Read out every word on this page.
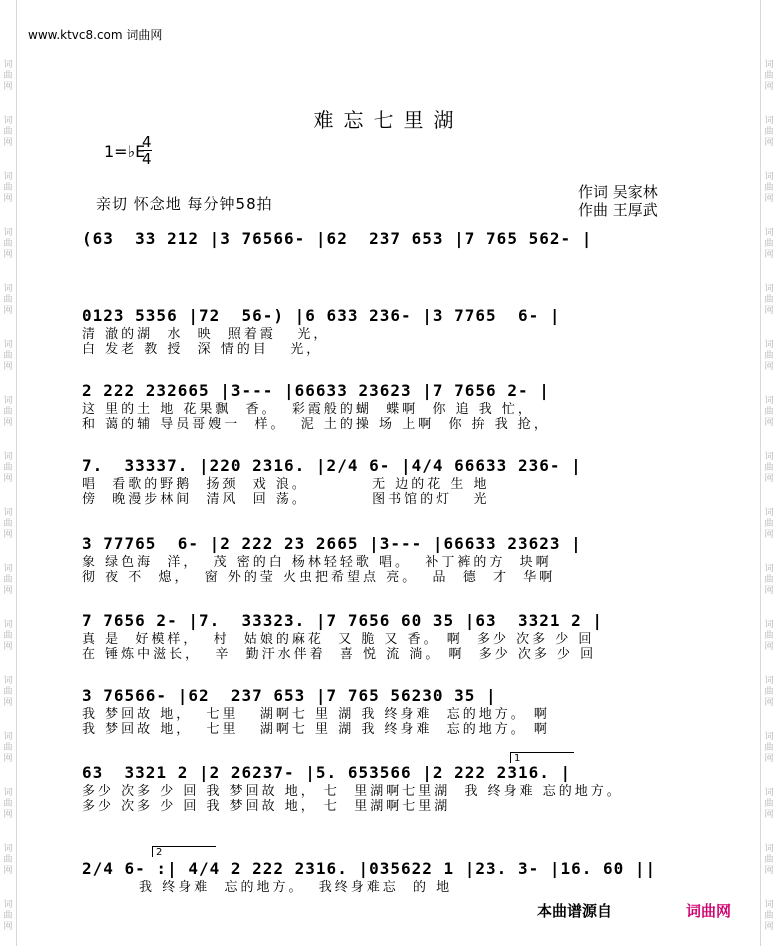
词曲网
词曲网
词曲网
词曲网
词曲网
词曲网
词曲网
词曲网
词曲网
词曲网
词曲网
词曲网
词曲网
词曲网
词曲网
词曲网
词曲网
词曲网
词曲网
词曲网
词曲网
词曲网
词曲网
词曲网
词曲网
词曲网
词曲网
词曲网
词曲网
词曲网
词曲网
词曲网
www.ktvc8.com 词曲网
难忘七里湖
1=♭E
4
4
亲切 怀念地 每分钟58拍
作词 吴家林
作曲 王厚武
(63  33 212 |3 76566- |62  237 653 |7 765 562- |
0123 5356 |72  56-) |6 633 236- |3 7765  6- |
清 澈的湖  水  映  照着霞   光，
白 发老 教 授  深 情的目   光，
2 222 232665 |3--- |66633 23623 |7 7656 2- |
这 里的土 地 花果飘  香。  彩霞般的蝴  蝶啊  你 追 我 忙，
和 蔼的辅 导员哥嫂一  样。  泥 土的操 场 上啊  你 拚 我 抢，
7.  33337. |220 2316. |2/4 6- |4/4 66633 236- |
唱  看歌的野鹅  扬颈  戏 浪。         无 边的花 生 地
傍  晚漫步林间  清风  回 荡。         图书馆的灯   光
3 77765  6- |2 222 23 2665 |3--- |66633 23623 |
象 绿色海  洋，  茂 密的白 杨林轻轻歌 唱。  补丁裤的方  块啊
彻 夜 不  熄，  窗 外的莹 火虫把希望点 亮。  品  德  才  华啊
7 7656 2- |7.  33323. |7 7656 60 35 |63  3321 2 |
真 是  好模样，  村  姑娘的麻花  又 脆 又 香。 啊  多少 次多 少 回
在 锤炼中滋长，  辛  勤汗水伴着  喜 悦 流 淌。 啊  多少 次多 少 回
3 76566- |62  237 653 |7 765 56230 35 |
我 梦回故 地，  七里   湖啊七 里 湖 我 终身难  忘的地方。 啊
我 梦回故 地，  七里   湖啊七 里 湖 我 终身难  忘的地方。 啊
63  3321 2 |2 26237- |5. 653566 |2 222 2316. |
多少 次多 少 回 我 梦回故 地， 七  里湖啊七里湖  我 终身难 忘的地方。
多少 次多 少 回 我 梦回故 地， 七  里湖啊七里湖
2/4 6- :| 4/4 2 222 2316. |035622 1 |23. 3- |16. 60 ||
我 终身难  忘的地方。  我终身难忘  的 地
1
2
本曲谱源自	词曲网
